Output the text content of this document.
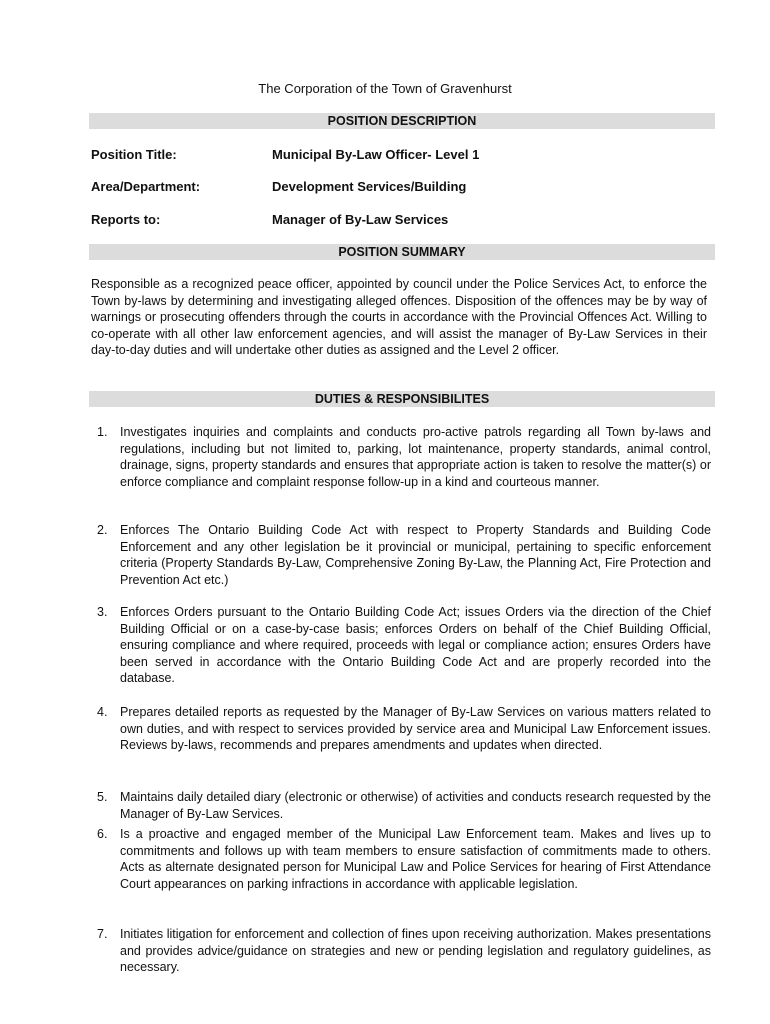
The Corporation of the Town of Gravenhurst
POSITION DESCRIPTION
Position Title:	Municipal By-Law Officer- Level 1
Area/Department:	Development Services/Building
Reports to:	Manager of By-Law Services
POSITION SUMMARY
Responsible as a recognized peace officer, appointed by council under the Police Services Act, to enforce the Town by-laws by determining and investigating alleged offences. Disposition of the offences may be by way of warnings or prosecuting offenders through the courts in accordance with the Provincial Offences Act. Willing to co-operate with all other law enforcement agencies, and will assist the manager of By-Law Services in their day-to-day duties and will undertake other duties as assigned and the Level 2 officer.
DUTIES & RESPONSIBILITES
1.	Investigates inquiries and complaints and conducts pro-active patrols regarding all Town by-laws and regulations, including but not limited to, parking, lot maintenance, property standards, animal control, drainage, signs, property standards and ensures that appropriate action is taken to resolve the matter(s) or enforce compliance and complaint response follow-up in a kind and courteous manner.
2.	Enforces The Ontario Building Code Act with respect to Property Standards and Building Code Enforcement and any other legislation be it provincial or municipal, pertaining to specific enforcement criteria (Property Standards By-Law, Comprehensive Zoning By-Law, the Planning Act, Fire Protection and Prevention Act etc.)
3.	Enforces Orders pursuant to the Ontario Building Code Act; issues Orders via the direction of the Chief Building Official or on a case-by-case basis; enforces Orders on behalf of the Chief Building Official, ensuring compliance and where required, proceeds with legal or compliance action; ensures Orders have been served in accordance with the Ontario Building Code Act and are properly recorded into the database.
4.	Prepares detailed reports as requested by the Manager of By-Law Services on various matters related to own duties, and with respect to services provided by service area and Municipal Law Enforcement issues. Reviews by-laws, recommends and prepares amendments and updates when directed.
5.	Maintains daily detailed diary (electronic or otherwise) of activities and conducts research requested by the Manager of By-Law Services.
6.	Is a proactive and engaged member of the Municipal Law Enforcement team. Makes and lives up to commitments and follows up with team members to ensure satisfaction of commitments made to others. Acts as alternate designated person for Municipal Law and Police Services for hearing of First Attendance Court appearances on parking infractions in accordance with applicable legislation.
7.	Initiates litigation for enforcement and collection of fines upon receiving authorization. Makes presentations and provides advice/guidance on strategies and new or pending legislation and regulatory guidelines, as necessary.
